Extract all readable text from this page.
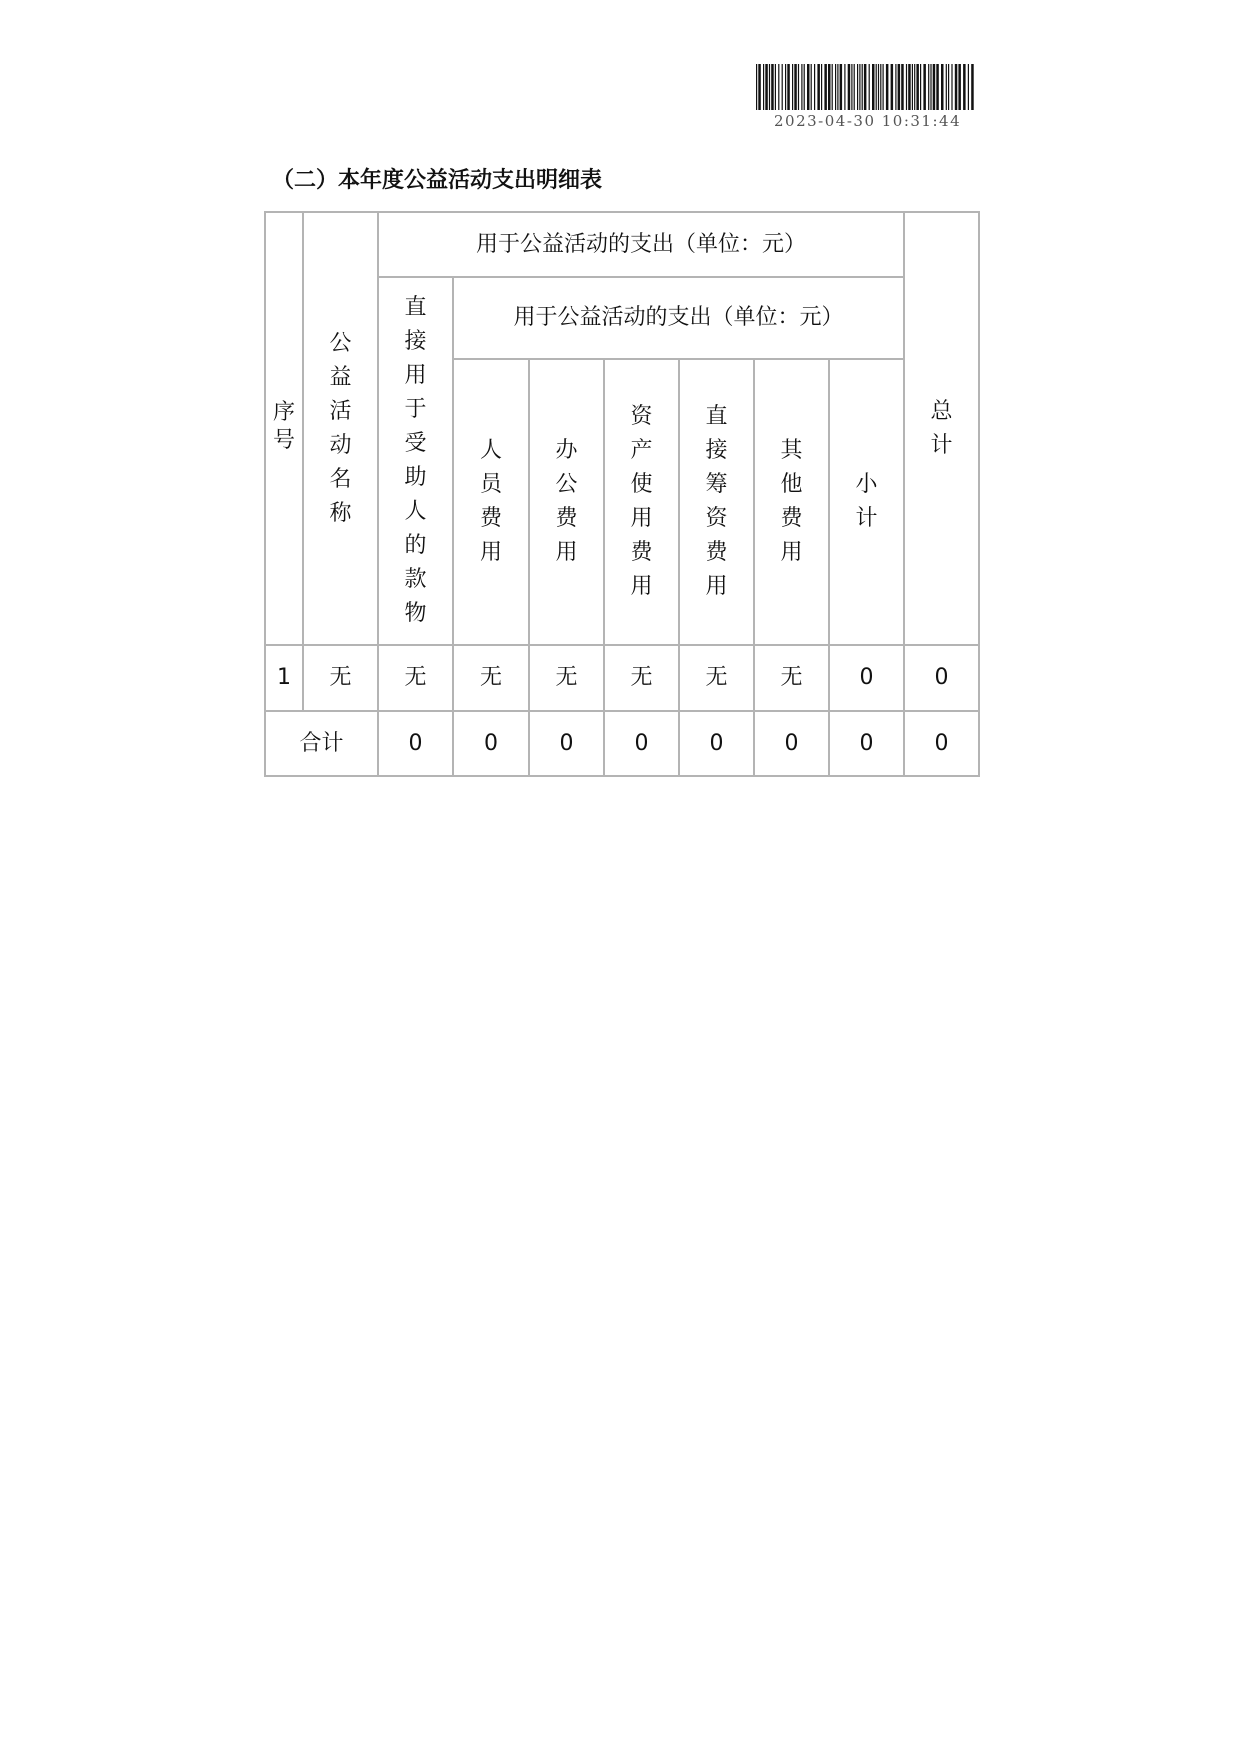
2023-04-30 10:31:44
（二）本年度公益活动支出明细表
序号	公益活动名称	用于公益活动的支出（单位：元）							总计
		直接用于受助人的款物	用于公益活动的支出（单位：元）						
			人员费用	办公费用	资产使用费用	直接筹资费用	其他费用	小计	
1	无	无	无	无	无	无	无	0	0
合计		0	0	0	0	0	0	0	0
